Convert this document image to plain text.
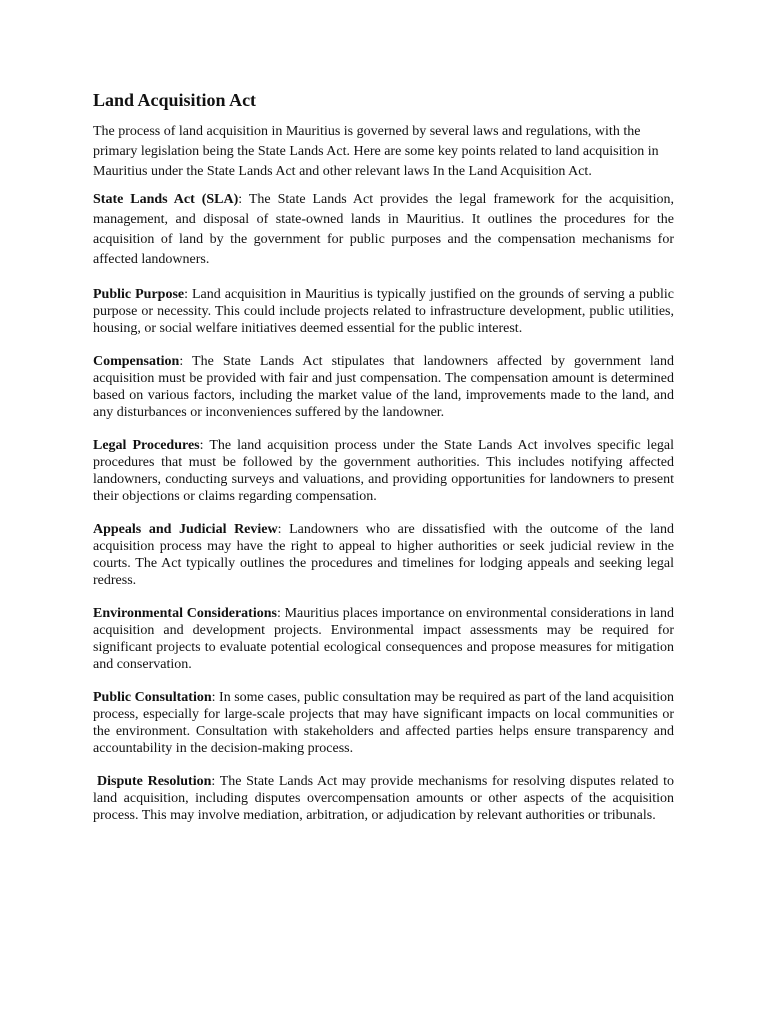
Land Acquisition Act

The process of land acquisition in Mauritius is governed by several laws and regulations, with the primary legislation being the State Lands Act. Here are some key points related to land acquisition in Mauritius under the State Lands Act and other relevant laws In the Land Acquisition Act.

State Lands Act (SLA): The State Lands Act provides the legal framework for the acquisition, management, and disposal of state-owned lands in Mauritius. It outlines the procedures for the acquisition of land by the government for public purposes and the compensation mechanisms for affected landowners.

Public Purpose: Land acquisition in Mauritius is typically justified on the grounds of serving a public purpose or necessity. This could include projects related to infrastructure development, public utilities, housing, or social welfare initiatives deemed essential for the public interest.

Compensation: The State Lands Act stipulates that landowners affected by government land acquisition must be provided with fair and just compensation. The compensation amount is determined based on various factors, including the market value of the land, improvements made to the land, and any disturbances or inconveniences suffered by the landowner.

Legal Procedures: The land acquisition process under the State Lands Act involves specific legal procedures that must be followed by the government authorities. This includes notifying affected landowners, conducting surveys and valuations, and providing opportunities for landowners to present their objections or claims regarding compensation.

Appeals and Judicial Review: Landowners who are dissatisfied with the outcome of the land acquisition process may have the right to appeal to higher authorities or seek judicial review in the courts. The Act typically outlines the procedures and timelines for lodging appeals and seeking legal redress.

Environmental Considerations: Mauritius places importance on environmental considerations in land acquisition and development projects. Environmental impact assessments may be required for significant projects to evaluate potential ecological consequences and propose measures for mitigation and conservation.

Public Consultation: In some cases, public consultation may be required as part of the land acquisition process, especially for large-scale projects that may have significant impacts on local communities or the environment. Consultation with stakeholders and affected parties helps ensure transparency and accountability in the decision-making process.

Dispute Resolution: The State Lands Act may provide mechanisms for resolving disputes related to land acquisition, including disputes overcompensation amounts or other aspects of the acquisition process. This may involve mediation, arbitration, or adjudication by relevant authorities or tribunals.
